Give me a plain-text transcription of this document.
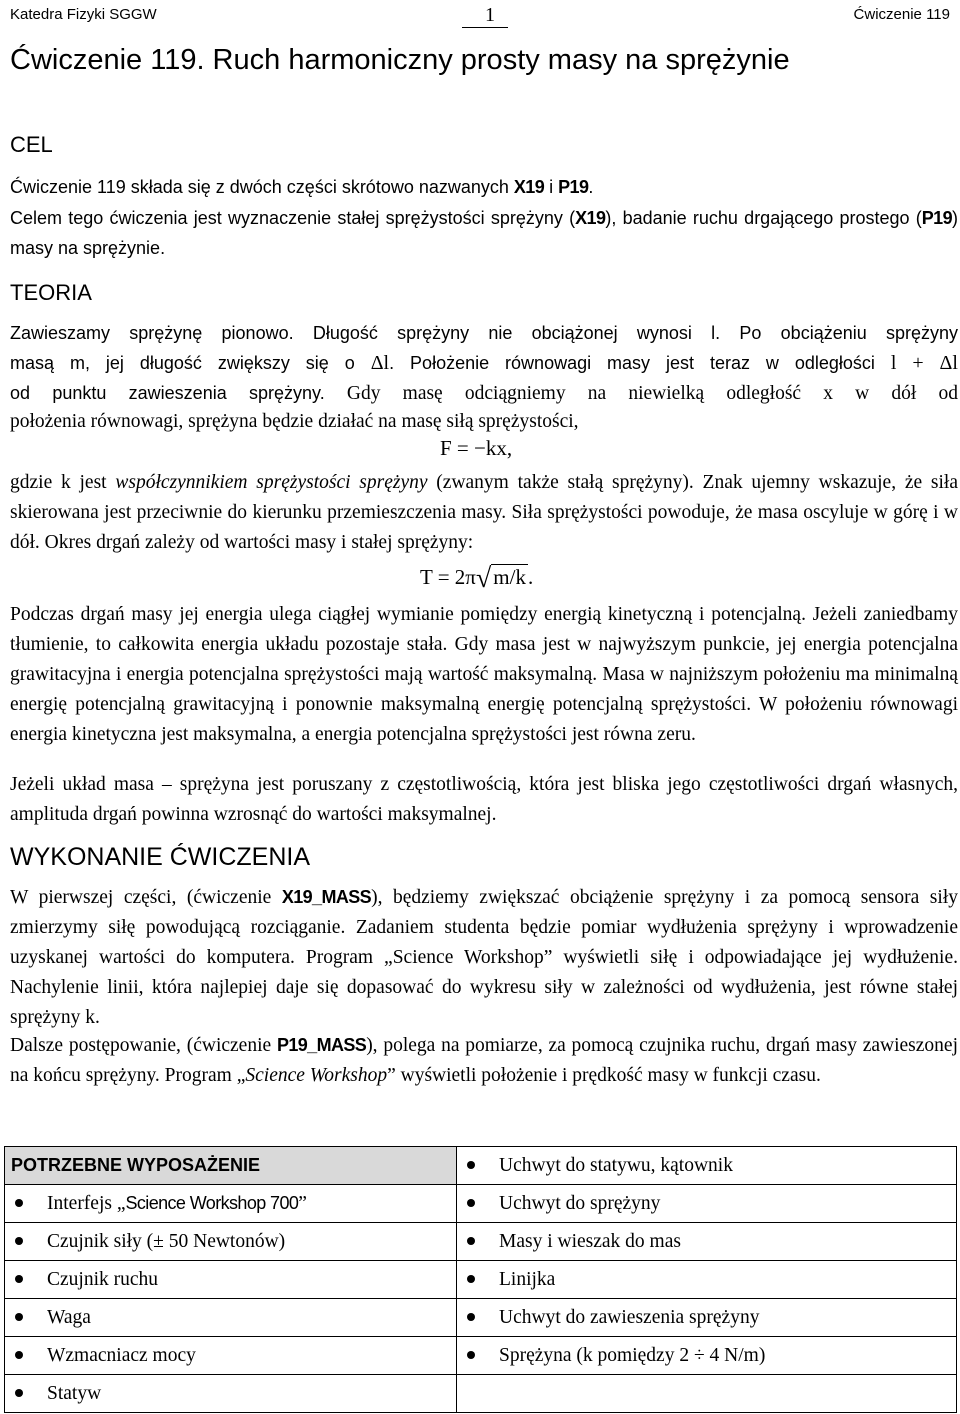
Katedra Fizyki SGGW	1	Ćwiczenie 119
Ćwiczenie 119. Ruch harmoniczny prosty masy na sprężynie
CEL
Ćwiczenie 119 składa się z dwóch części skrótowo nazwanych X19 i P19.
Celem tego ćwiczenia jest wyznaczenie stałej sprężystości sprężyny (X19), badanie ruchu drgającego prostego (P19) masy na sprężynie.
TEORIA
Zawieszamy sprężynę pionowo. Długość sprężyny nie obciążonej wynosi l. Po obciążeniu sprężyny
masą m, jej długość zwiększy się o Δl. Położenie równowagi masy jest teraz w odległości l + Δl
od punktu zawieszenia sprężyny. Gdy masę odciągniemy na niewielką odległość x w dół od
położenia równowagi, sprężyna będzie działać na masę siłą sprężystości,
F = −kx,
gdzie k jest współczynnikiem sprężystości sprężyny (zwanym także stałą sprężyny). Znak ujemny wskazuje, że siła skierowana jest przeciwnie do kierunku przemieszczenia masy. Siła sprężystości powoduje, że masa oscyluje w górę i w dół. Okres drgań zależy od wartości masy i stałej sprężyny:
T = 2π√m/k.
Podczas drgań masy jej energia ulega ciągłej wymianie pomiędzy energią kinetyczną i potencjalną. Jeżeli zaniedbamy tłumienie, to całkowita energia układu pozostaje stała. Gdy masa jest w najwyższym punkcie, jej energia potencjalna grawitacyjna i energia potencjalna sprężystości mają wartość maksymalną. Masa w najniższym położeniu ma minimalną energię potencjalną grawitacyjną i ponownie maksymalną energię potencjalną sprężystości. W położeniu równowagi energia kinetyczna jest maksymalna, a energia potencjalna sprężystości jest równa zeru.
Jeżeli układ masa – sprężyna jest poruszany z częstotliwością, która jest bliska jego częstotliwości drgań własnych, amplituda drgań powinna wzrosnąć do wartości maksymalnej.
WYKONANIE ĆWICZENIA
W pierwszej części, (ćwiczenie X19_MASS), będziemy zwiększać obciążenie sprężyny i za pomocą sensora siły zmierzymy siłę powodującą rozciąganie. Zadaniem studenta będzie pomiar wydłużenia sprężyny i wprowadzenie uzyskanej wartości do komputera. Program „Science Workshop” wyświetli siłę i odpowiadające jej wydłużenie. Nachylenie linii, która najlepiej daje się dopasować do wykresu siły w zależności od wydłużenia, jest równe stałej sprężyny k.
Dalsze postępowanie, (ćwiczenie P19_MASS), polega na pomiarze, za pomocą czujnika ruchu, drgań masy zawieszonej na końcu sprężyny. Program „Science Workshop” wyświetli położenie i prędkość masy w funkcji czasu.
POTRZEBNE WYPOSAŻENIE	Uchwyt do statywu, kątownik
Interfejs „Science Workshop 700”	Uchwyt do sprężyny
Czujnik siły (± 50 Newtonów)	Masy i wieszak do mas
Czujnik ruchu	Linijka
Waga	Uchwyt do zawieszenia sprężyny
Wzmacniacz mocy	Sprężyna (k pomiędzy 2 ÷ 4 N/m)
Statyw	
